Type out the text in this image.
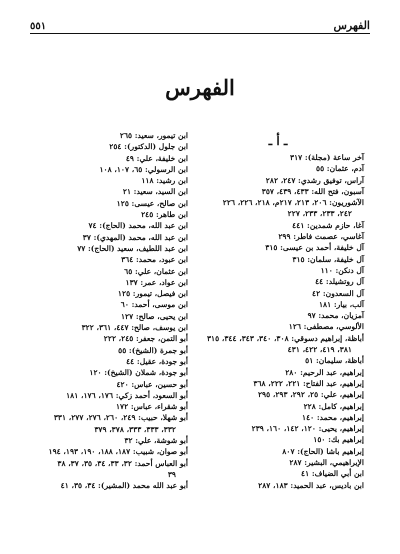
٥٥١	الفهرس
الفهرس
ـ أ ـ
آخر ساعة (مجلة): ٣١٧
آدم، عثمان: ٥٥
آراس، توفيق رشدي: ٢٤٧، ٢٨٢
آسبون، فتح الله: ٤٣٣، ٤٣٩، ٣٥٧
الآشوريون: ٢٠٦، ٢١٣، ٢١٧م، ٢١٨، ٢٢٦، ٢٢٦
٢٤٢، ٢٣٣، ٢٣٣، ٢٢٧
آغا، حازم شمدين: ٤٤١
آغاسي، عصمت فاطر: ٢٩٩
آل خليفة، أحمد بن عيسى: ٣١٥
آل خليفة، سلمان: ٣١٥
آل دنكن: ١١٠
آل روتشيلد: ٤٤
آل السعدون: ٤٢
آلب، بيار: ١٨١
آمزيان، محمد: ٩٧
الألوسي، مصطفى: ١٢٦
أباظة، إبراهيم دسوقي: ٣٠٨، ٣٤٠، ٣٤٣، ٣٤٤، ٣١٥
٣٨١، ٤١٩، ٤٢٢، ٤٣١
أباظة، سليمان: ٥١
إبراهيم، عبد الرحيم: ٢٨٠
إبراهيم، عبد الفتاح: ٢٢١، ٢٢٢، ٣٦٨
إبراهيم، علي: ٢٥، ٢٩٢، ٢٩٣، ٢٩٥
إبراهيم، كامل: ٢٢٨
إبراهيم، محمد: ١٤٠
إبراهيم، يحيى: ١٢٠، ١٤٢، ١٦٠، ٢٣٩
إبراهيم بك: ١٥٠
إبراهيم باشا (الحاج): ٨٠٧
الإبراهيمي، البشير: ٢٨٧
ابن أبي الضياف: ٤١
ابن باديس، عبد الحميد: ١٨٣، ٢٨٧
ابن تيمور، سعيد: ٢٦٥
ابن جلول (الدكتور): ٢٥٤
ابن خليفة، علي: ٤٩
ابن الرسولي: ٦٥، ١٠٧، ١٠٨
ابن رشيد: ١١٨
ابن السيد، سعيد: ٢١
ابن صالح، عيسى: ١٢٥
ابن طاهر: ٢٤٥
ابن عبد الله، محمد (الحاج): ٧٤
ابن عبد الله، محمد (المهدي): ٣٧
ابن عبد اللطيف، سعيد (الحاج): ٧٧
ابن عبود، محمد: ٣٦٤
ابن عثمان، علي: ٦٥
ابن عواد، عمر: ١٣٧
ابن فيصل، تيمور: ١٢٥
ابن موسى، أحمد: ٦٠
ابن يحيى، صالح: ١٢٧
ابن يوسف، صالح: ٤٤٧، ٣٦١، ٣٢٢
أبو التمن، جعفر: ٢٤٥، ٢٢٢
أبو جمرة (الشيخ): ٥٥
أبو جودة، عقيل: ٤٤
أبو جودة، شملان (الشيخ): ١٢٠
أبو حسين، عباس: ٤٢٠
أبو السعود، أحمد زكي: ١٧٦، ١٧٦، ١٨١
أبو شقراء، عباس: ١٧٢
أبو شهلا، حبيب: ٢٤٩، ٢٦٠، ٢٧٦، ٢٧٧، ٣٣١
٣٣٢، ٣٣٣، ٣٣٣، ٣٧٨، ٣٧٩
أبو شوشة، علي: ٣٢
أبو صوان، شبيب: ١٨٧، ١٨٨، ١٩٠، ١٩٣، ١٩٤
أبو العباس أحمد: ٣٢، ٣٣، ٣٤، ٣٥، ٣٧، ٣٨
٣٩
أبو عبد الله محمد (المشير): ٣٤، ٣٥، ٤١
